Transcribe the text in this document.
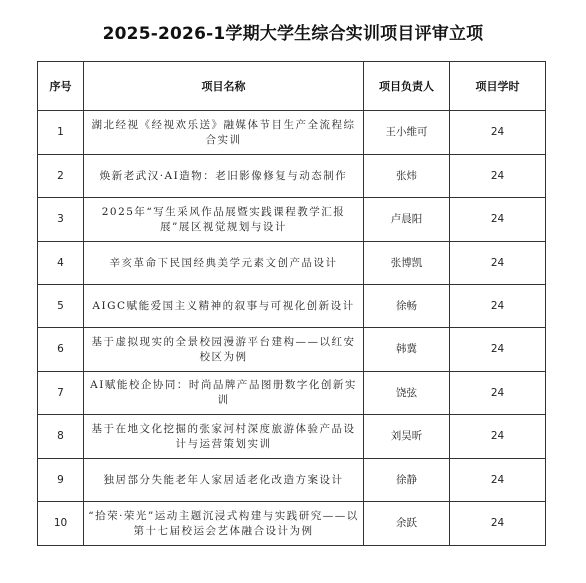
2025-2026-1学期大学生综合实训项目评审立项
序号	项目名称	项目负责人	项目学时
1	湖北经视《经视欢乐送》融媒体节目生产全流程综合实训	王小维可	24
2	焕新老武汉·AI造物：老旧影像修复与动态制作	张炜	24
3	2025年“写生采风作品展暨实践课程教学汇报展”展区视觉规划与设计	卢晨阳	24
4	辛亥革命下民国经典美学元素文创产品设计	张博凯	24
5	AIGC赋能爱国主义精神的叙事与可视化创新设计	徐畅	24
6	基于虚拟现实的全景校园漫游平台建构——以红安校区为例	韩冀	24
7	AI赋能校企协同：时尚品牌产品图册数字化创新实训	饶弦	24
8	基于在地文化挖掘的张家河村深度旅游体验产品设计与运营策划实训	刘昊昕	24
9	独居部分失能老年人家居适老化改造方案设计	徐静	24
10	“拾荣·荣光”运动主题沉浸式构建与实践研究——以第十七届校运会艺体融合设计为例	余跃	24
